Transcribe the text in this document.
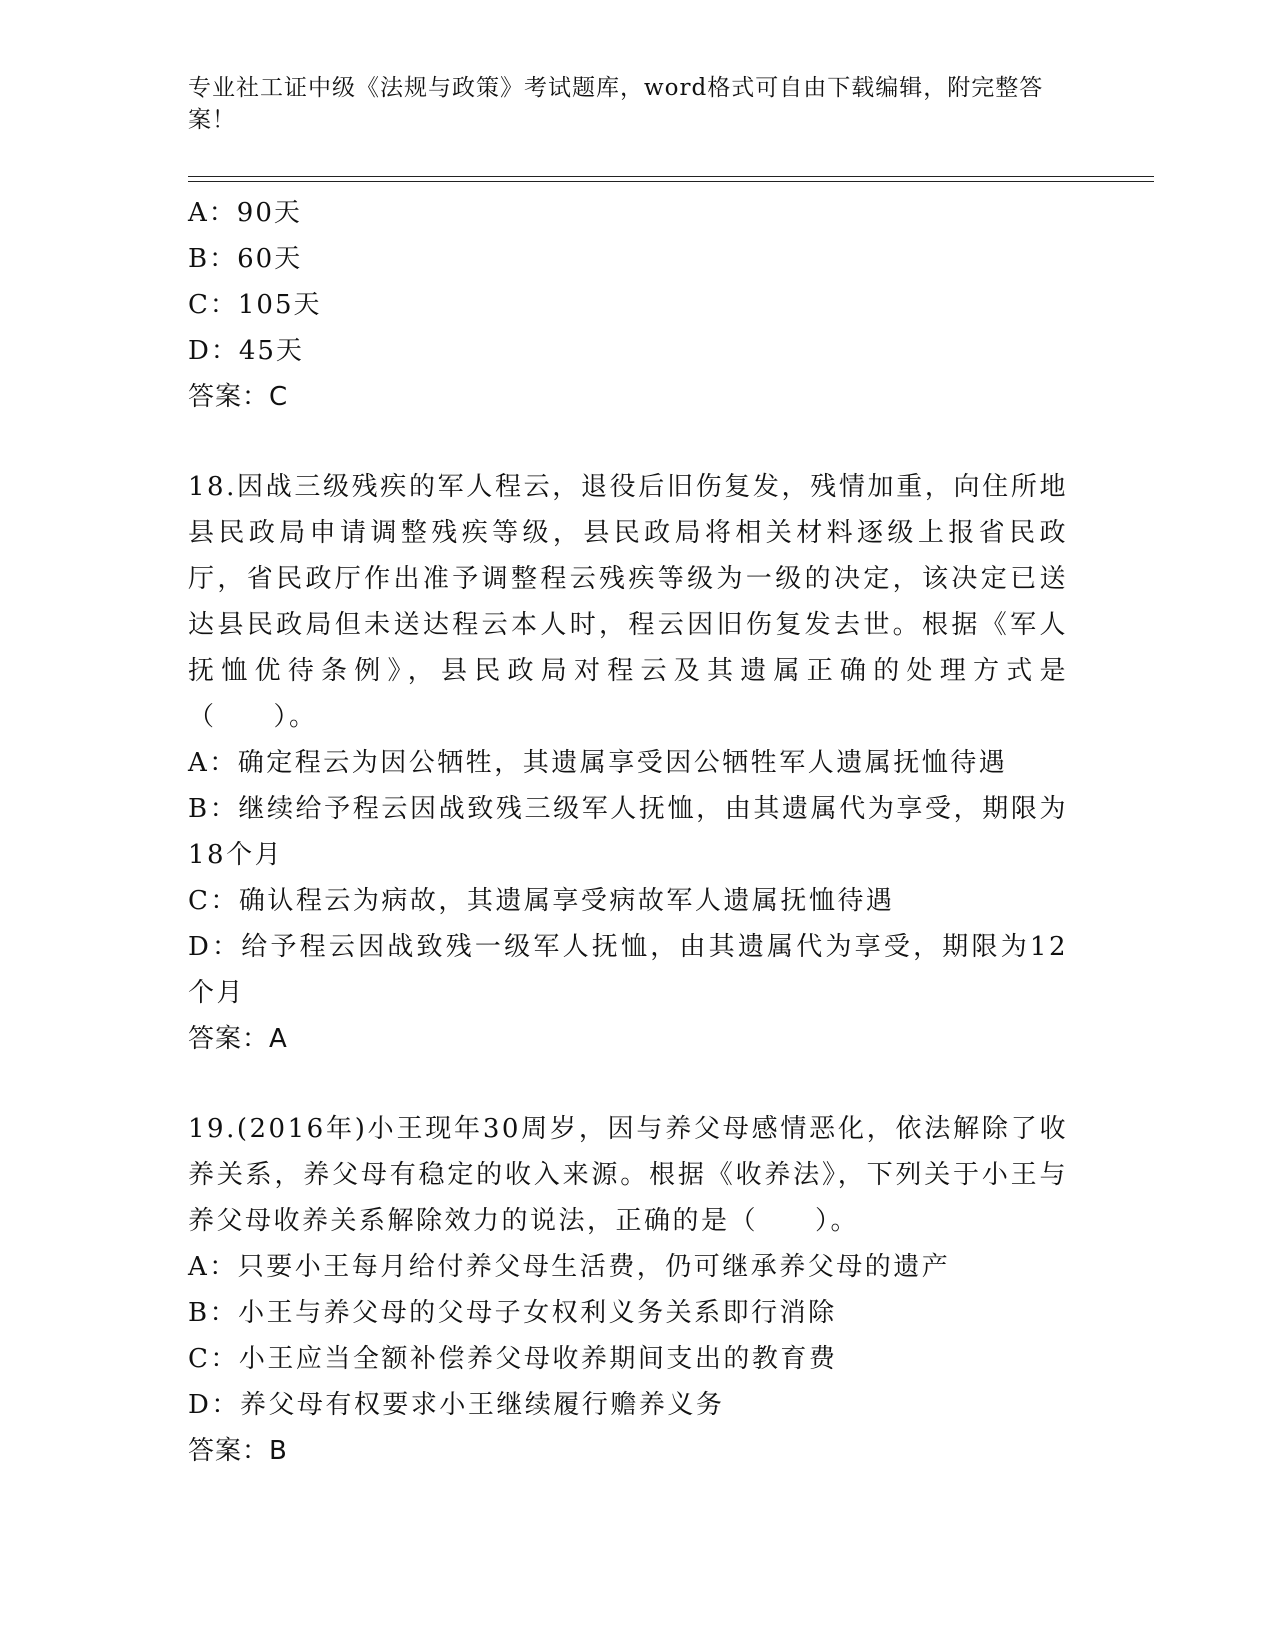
专业社工证中级《法规与政策》考试题库，word格式可自由下载编辑，附完整答案！
A：90天
B：60天
C：105天
D：45天
答案：C
18.因战三级残疾的军人程云，退役后旧伤复发，残情加重，向住所地县民政局申请调整残疾等级，县民政局将相关材料逐级上报省民政厅，省民政厅作出准予调整程云残疾等级为一级的决定，该决定已送达县民政局但未送达程云本人时，程云因旧伤复发去世。根据《军人抚恤优待条例》，县民政局对程云及其遗属正确的处理方式是（　　）。
A：确定程云为因公牺牲，其遗属享受因公牺牲军人遗属抚恤待遇
B：继续给予程云因战致残三级军人抚恤，由其遗属代为享受，期限为18个月
C：确认程云为病故，其遗属享受病故军人遗属抚恤待遇
D：给予程云因战致残一级军人抚恤，由其遗属代为享受，期限为12个月
答案：A
19.(2016年)小王现年30周岁，因与养父母感情恶化，依法解除了收养关系，养父母有稳定的收入来源。根据《收养法》，下列关于小王与养父母收养关系解除效力的说法，正确的是（　　）。
A：只要小王每月给付养父母生活费，仍可继承养父母的遗产
B：小王与养父母的父母子女权利义务关系即行消除
C：小王应当全额补偿养父母收养期间支出的教育费
D：养父母有权要求小王继续履行赡养义务
答案：B
